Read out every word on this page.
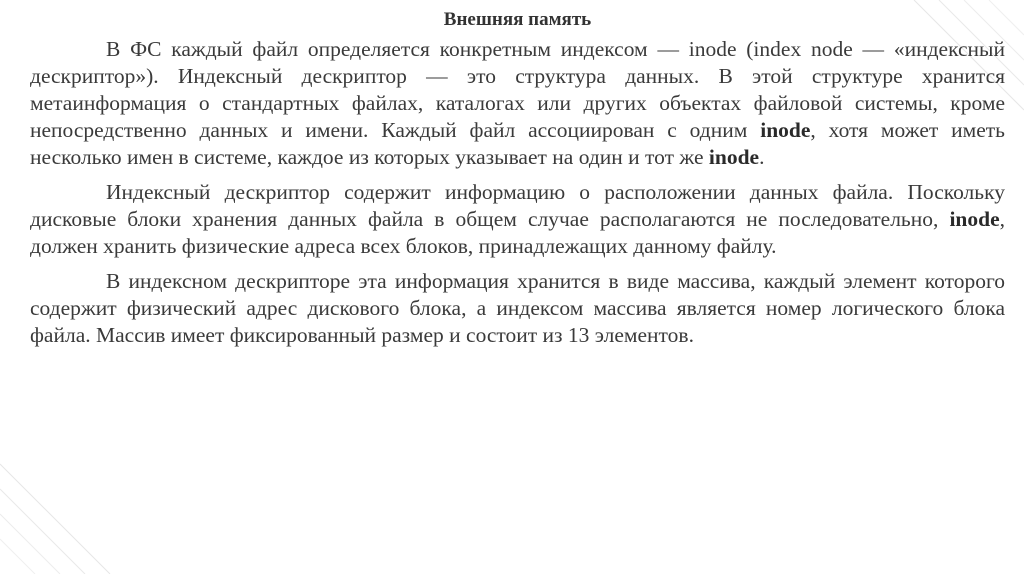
Внешняя память

В ФС каждый файл определяется конкретным индексом — inode (index node — «индексный дескриптор»). Индексный дескриптор — это структура данных. В этой структуре хранится метаинформация о стандартных файлах, каталогах или других объектах файловой системы, кроме непосредственно данных и имени. Каждый файл ассоциирован с одним inode, хотя может иметь несколько имен в системе, каждое из которых указывает на один и тот же inode.

Индексный дескриптор содержит информацию о расположении данных файла. Поскольку дисковые блоки хранения данных файла в общем случае располагаются не последовательно, inode, должен хранить физические адреса всех блоков, принадлежащих данному файлу.

В индексном дескрипторе эта информация хранится в виде массива, каждый элемент которого содержит физический адрес дискового блока, а индексом массива является номер логического блока файла. Массив имеет фиксированный размер и состоит из 13 элементов.
